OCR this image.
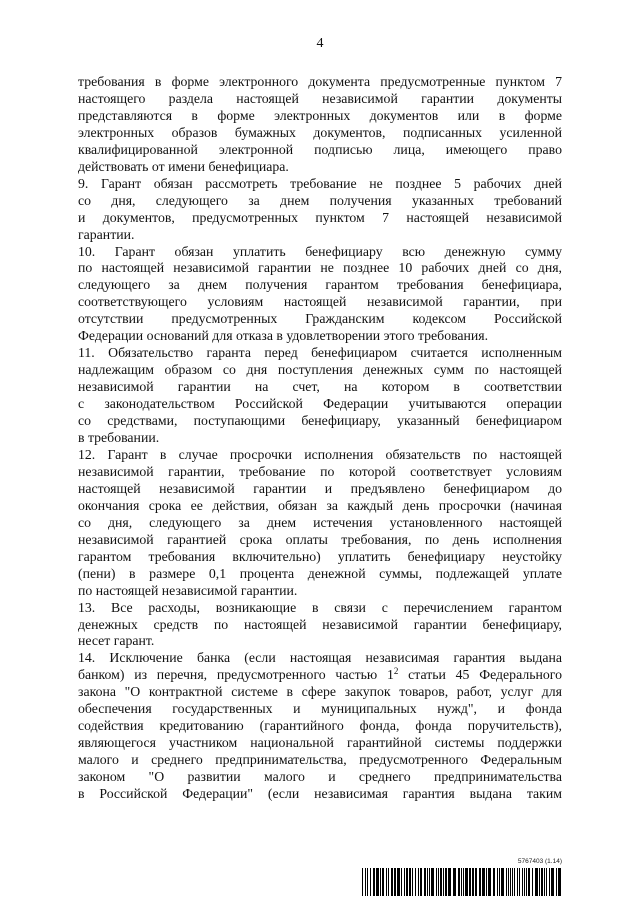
4
требования в форме электронного документа предусмотренные пунктом 7
настоящего раздела настоящей независимой гарантии документы
представляются в форме электронных документов или в форме
электронных образов бумажных документов, подписанных усиленной
квалифицированной электронной подписью лица, имеющего право
действовать от имени бенефициара.
9. Гарант обязан рассмотреть требование не позднее 5 рабочих дней
со дня, следующего за днем получения указанных требований
и документов, предусмотренных пунктом 7 настоящей независимой
гарантии.
10. Гарант обязан уплатить бенефициару всю денежную сумму
по настоящей независимой гарантии не позднее 10 рабочих дней со дня,
следующего за днем получения гарантом требования бенефициара,
соответствующего условиям настоящей независимой гарантии, при
отсутствии предусмотренных Гражданским кодексом Российской
Федерации оснований для отказа в удовлетворении этого требования.
11. Обязательство гаранта перед бенефициаром считается исполненным
надлежащим образом со дня поступления денежных сумм по настоящей
независимой гарантии на счет, на котором в соответствии
с законодательством Российской Федерации учитываются операции
со средствами, поступающими бенефициару, указанный бенефициаром
в требовании.
12. Гарант в случае просрочки исполнения обязательств по настоящей
независимой гарантии, требование по которой соответствует условиям
настоящей независимой гарантии и предъявлено бенефициаром до
окончания срока ее действия, обязан за каждый день просрочки (начиная
со дня, следующего за днем истечения установленного настоящей
независимой гарантией срока оплаты требования, по день исполнения
гарантом требования включительно) уплатить бенефициару неустойку
(пени) в размере 0,1 процента денежной суммы, подлежащей уплате
по настоящей независимой гарантии.
13. Все расходы, возникающие в связи с перечислением гарантом
денежных средств по настоящей независимой гарантии бенефициару,
несет гарант.
14. Исключение банка (если настоящая независимая гарантия выдана
банком) из перечня, предусмотренного частью $1^2$ статьи 45 Федерального
закона "О контрактной системе в сфере закупок товаров, работ, услуг для
обеспечения государственных и муниципальных нужд", и фонда
содействия кредитованию (гарантийного фонда, фонда поручительств),
являющегося участником национальной гарантийной системы поддержки
малого и среднего предпринимательства, предусмотренного Федеральным
законом "О развитии малого и среднего предпринимательства
в Российской Федерации" (если независимая гарантия выдана таким
5767403 (1.14)
